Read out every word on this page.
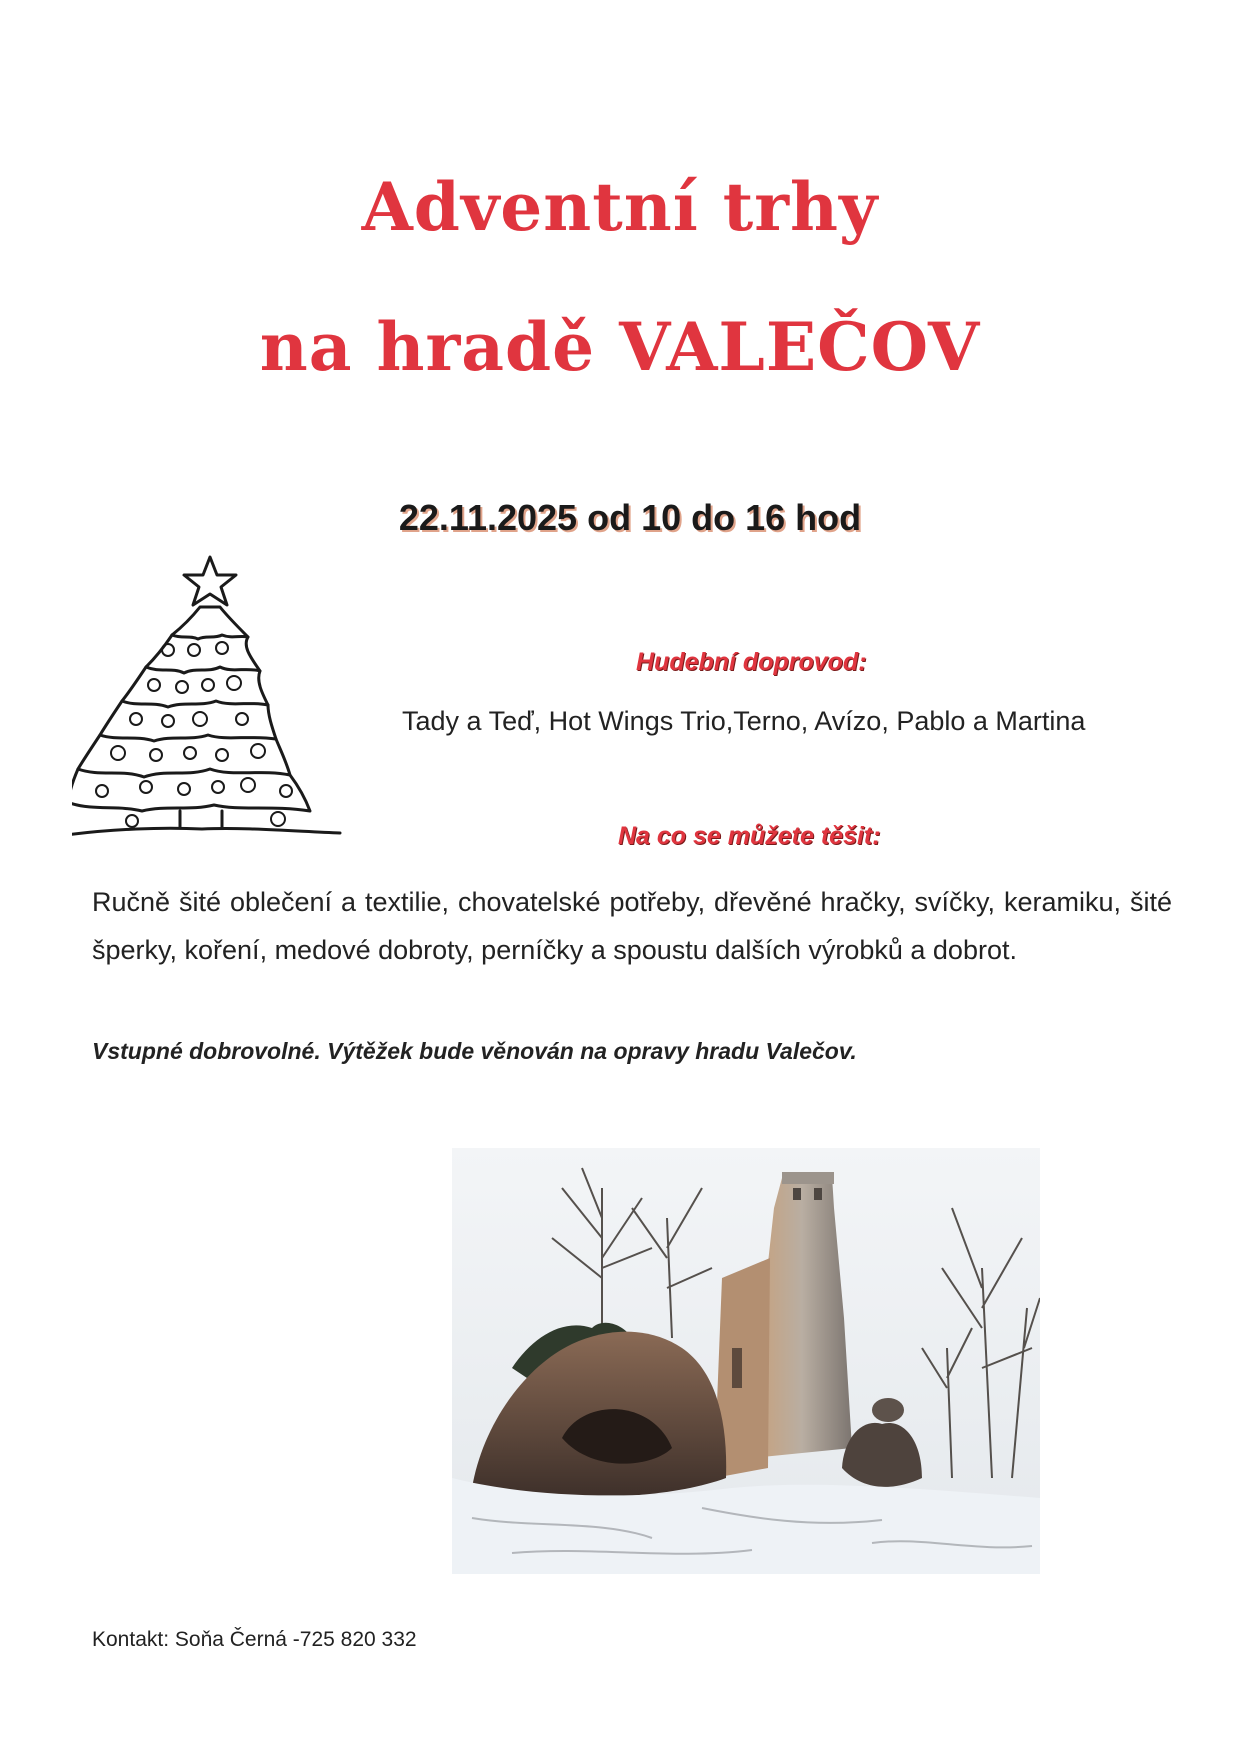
Adventní trhy
na hradě VALEČOV

22.11.2025 od 10 do 16 hod

Hudební doprovod:

Tady a Teď, Hot Wings Trio,Terno, Avízo, Pablo a Martina

Na co se můžete těšit:

Ručně šité oblečení a textilie, chovatelské potřeby, dřevěné hračky, svíčky, keramiku, šité šperky, koření, medové dobroty, perníčky a spoustu dalších výrobků a dobrot.

Vstupné dobrovolné. Výtěžek bude věnován na opravy hradu Valečov.

Kontakt: Soňa Černá -725 820 332
